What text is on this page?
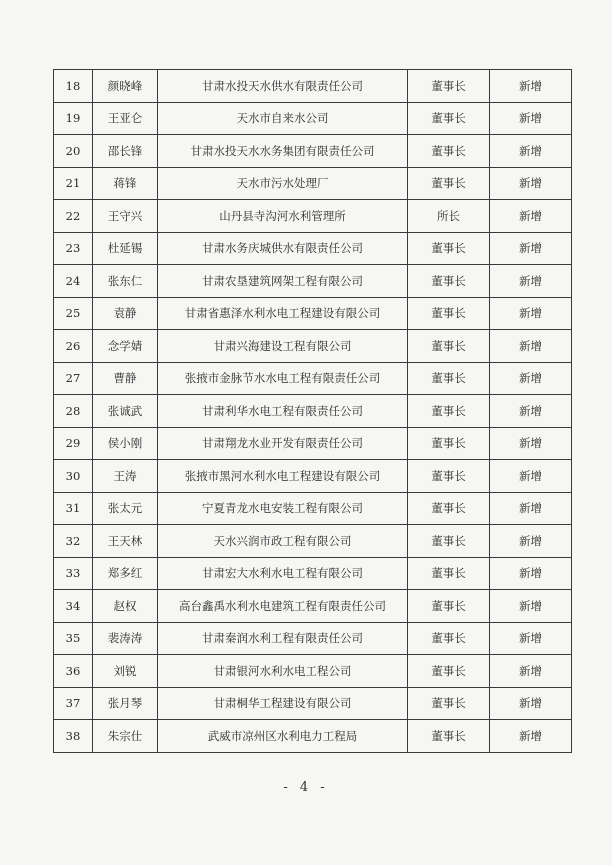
18	颜晓峰	甘肃水投天水供水有限责任公司	董事长	新增
19	王亚仑	天水市自来水公司	董事长	新增
20	邵长锋	甘肃水投天水水务集团有限责任公司	董事长	新增
21	蒋锋	天水市污水处理厂	董事长	新增
22	王守兴	山丹县寺沟河水利管理所	所长	新增
23	杜延锡	甘肃水务庆城供水有限责任公司	董事长	新增
24	张东仁	甘肃农垦建筑网架工程有限公司	董事长	新增
25	袁静	甘肃省惠泽水利水电工程建设有限公司	董事长	新增
26	念学婧	甘肃兴海建设工程有限公司	董事长	新增
27	曹静	张掖市金脉节水水电工程有限责任公司	董事长	新增
28	张诚武	甘肃利华水电工程有限责任公司	董事长	新增
29	侯小刚	甘肃翔龙水业开发有限责任公司	董事长	新增
30	王涛	张掖市黑河水利水电工程建设有限公司	董事长	新增
31	张太元	宁夏青龙水电安装工程有限公司	董事长	新增
32	王天林	天水兴润市政工程有限公司	董事长	新增
33	郑多红	甘肃宏大水利水电工程有限公司	董事长	新增
34	赵权	高台鑫禹水利水电建筑工程有限责任公司	董事长	新增
35	裴涛涛	甘肃秦润水利工程有限责任公司	董事长	新增
36	刘锐	甘肃银河水利水电工程公司	董事长	新增
37	张月琴	甘肃桐华工程建设有限公司	董事长	新增
38	朱宗仕	武威市凉州区水利电力工程局	董事长	新增
- 4 -
